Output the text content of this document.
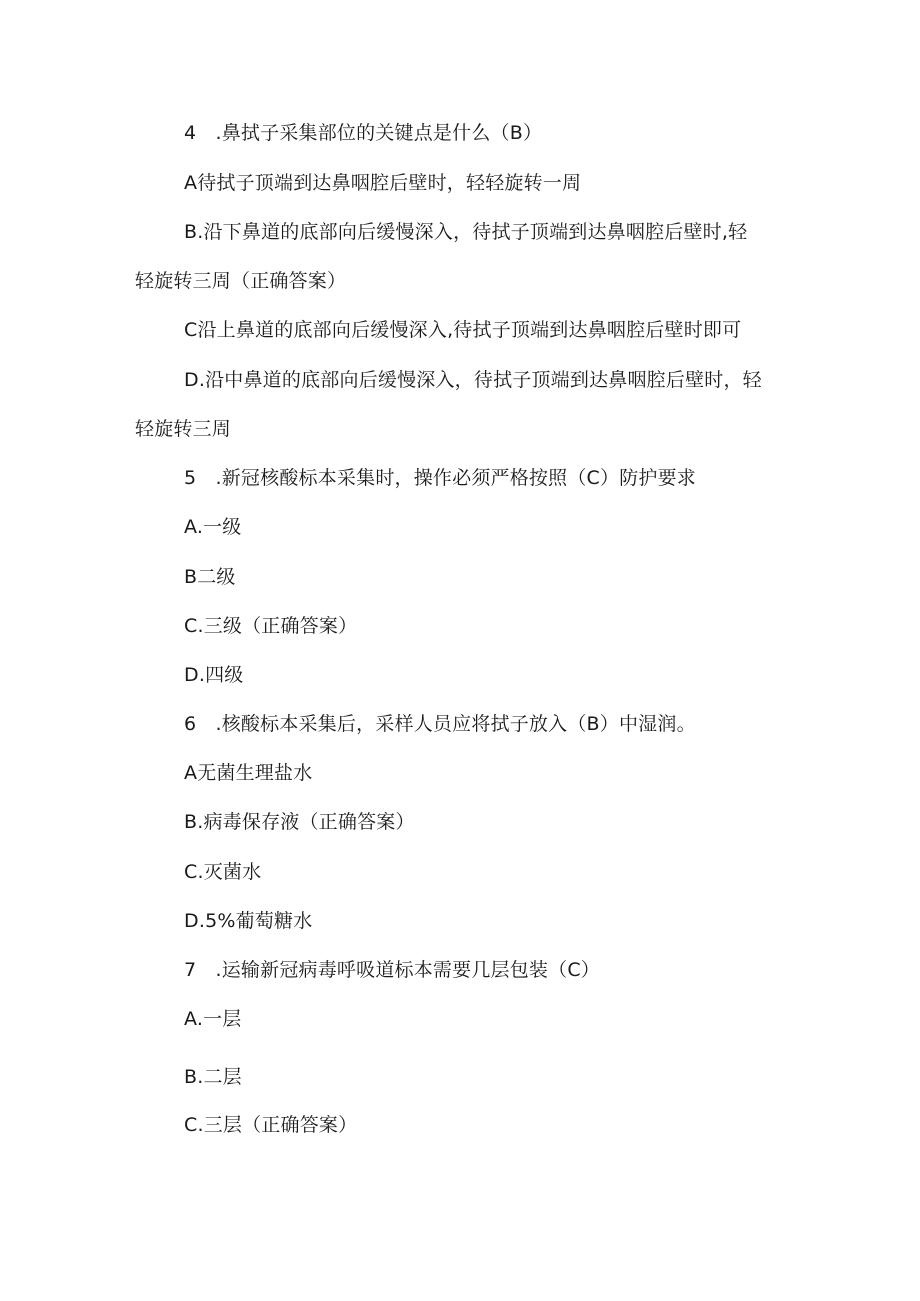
4　.鼻拭子采集部位的关键点是什么（B）
A待拭子顶端到达鼻咽腔后壁时，轻轻旋转一周
B.沿下鼻道的底部向后缓慢深入，待拭子顶端到达鼻咽腔后壁时,轻
轻旋转三周（正确答案）
C沿上鼻道的底部向后缓慢深入,待拭子顶端到达鼻咽腔后壁时即可
D.沿中鼻道的底部向后缓慢深入，待拭子顶端到达鼻咽腔后壁时，轻
轻旋转三周
5　.新冠核酸标本采集时，操作必须严格按照（C）防护要求
A.一级
B二级
C.三级（正确答案）
D.四级
6　.核酸标本采集后，采样人员应将拭子放入（B）中湿润。
A无菌生理盐水
B.病毒保存液（正确答案）
C.灭菌水
D.5%葡萄糖水
7　.运输新冠病毒呼吸道标本需要几层包装（C）
A.一层
B.二层
C.三层（正确答案）
